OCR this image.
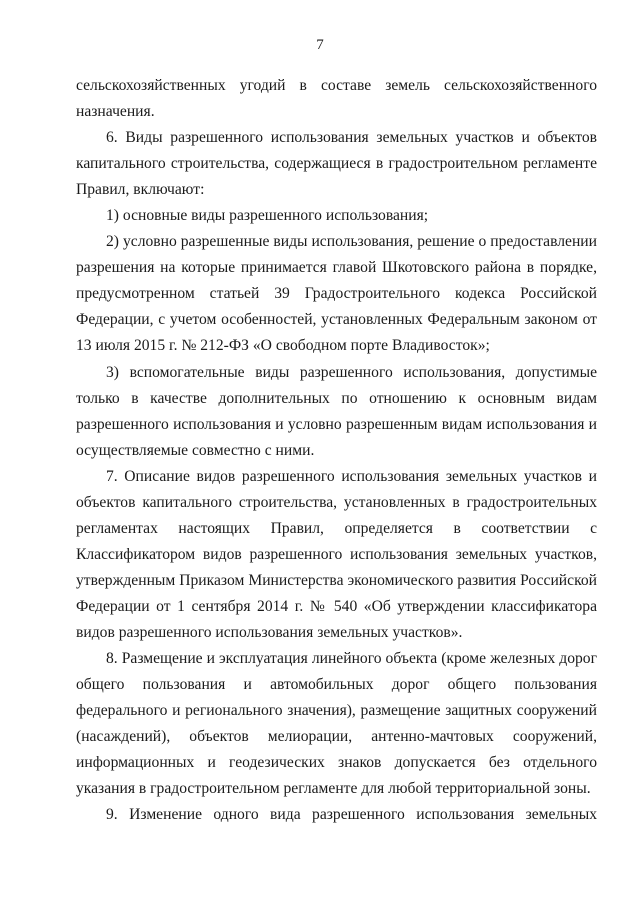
7

сельскохозяйственных угодий в составе земель сельскохозяйственного назначения.

6. Виды разрешенного использования земельных участков и объектов капитального строительства, содержащиеся в градостроительном регламенте Правил, включают:

1) основные виды разрешенного использования;

2) условно разрешенные виды использования, решение о предоставлении разрешения на которые принимается главой Шкотовского района в порядке, предусмотренном статьей 39 Градостроительного кодекса Российской Федерации, с учетом особенностей, установленных Федеральным законом от 13 июля 2015 г. № 212-ФЗ «О свободном порте Владивосток»;

3) вспомогательные виды разрешенного использования, допустимые только в качестве дополнительных по отношению к основным видам разрешенного использования и условно разрешенным видам использования и осуществляемые совместно с ними.

7. Описание видов разрешенного использования земельных участков и объектов капитального строительства, установленных в градостроительных регламентах настоящих Правил, определяется в соответствии с Классификатором видов разрешенного использования земельных участков, утвержденным Приказом Министерства экономического развития Российской Федерации от 1 сентября 2014 г. № 540 «Об утверждении классификатора видов разрешенного использования земельных участков».

8. Размещение и эксплуатация линейного объекта (кроме железных дорог общего пользования и автомобильных дорог общего пользования федерального и регионального значения), размещение защитных сооружений (насаждений), объектов мелиорации, антенно-мачтовых сооружений, информационных и геодезических знаков допускается без отдельного указания в градостроительном регламенте для любой территориальной зоны.

9. Изменение одного вида разрешенного использования земельных
